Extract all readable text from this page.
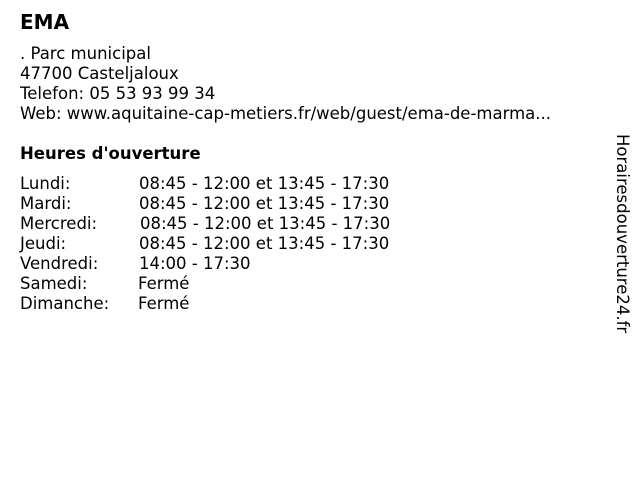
EMA
. Parc municipal
47700 Casteljaloux
Telefon: 05 53 93 99 34
Web: www.aquitaine-cap-metiers.fr/web/guest/ema-de-marma...
Heures d'ouverture
Lundi:	08:45 - 12:00 et 13:45 - 17:30
Mardi:	08:45 - 12:00 et 13:45 - 17:30
Mercredi:	08:45 - 12:00 et 13:45 - 17:30
Jeudi:	08:45 - 12:00 et 13:45 - 17:30
Vendredi: 14:00 - 17:30
Samedi:	Fermé
Dimanche: Fermé	Horairesdouverture24.fr
